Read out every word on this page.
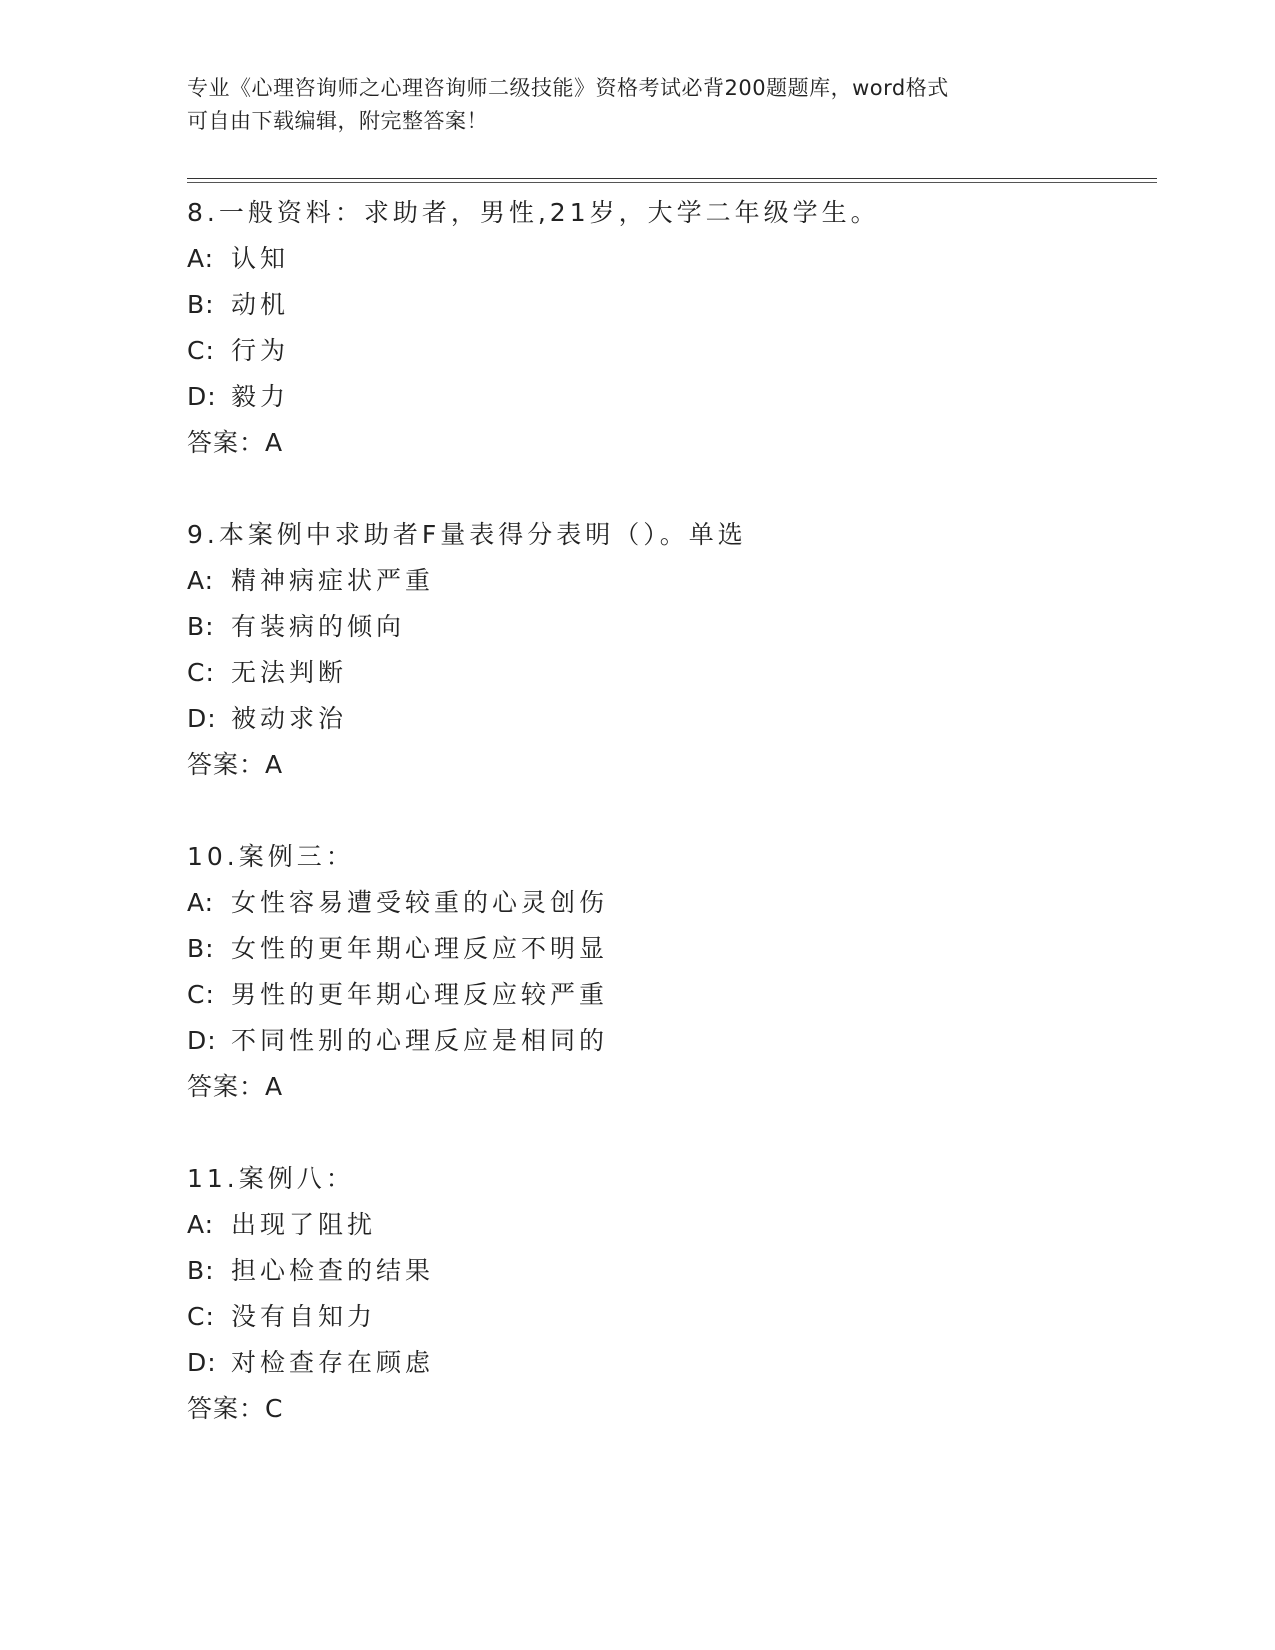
专业《心理咨询师之心理咨询师二级技能》资格考试必背200题题库，word格式
可自由下载编辑，附完整答案！
8.一般资料：求助者，男性,21岁，大学二年级学生。
A: 认知
B: 动机
C: 行为
D: 毅力
答案：A
9.本案例中求助者F量表得分表明（）。单选
A: 精神病症状严重
B: 有装病的倾向
C: 无法判断
D: 被动求治
答案：A
10.案例三：
A: 女性容易遭受较重的心灵创伤
B: 女性的更年期心理反应不明显
C: 男性的更年期心理反应较严重
D: 不同性别的心理反应是相同的
答案：A
11.案例八：
A: 出现了阻扰
B: 担心检查的结果
C: 没有自知力
D: 对检查存在顾虑
答案：C
